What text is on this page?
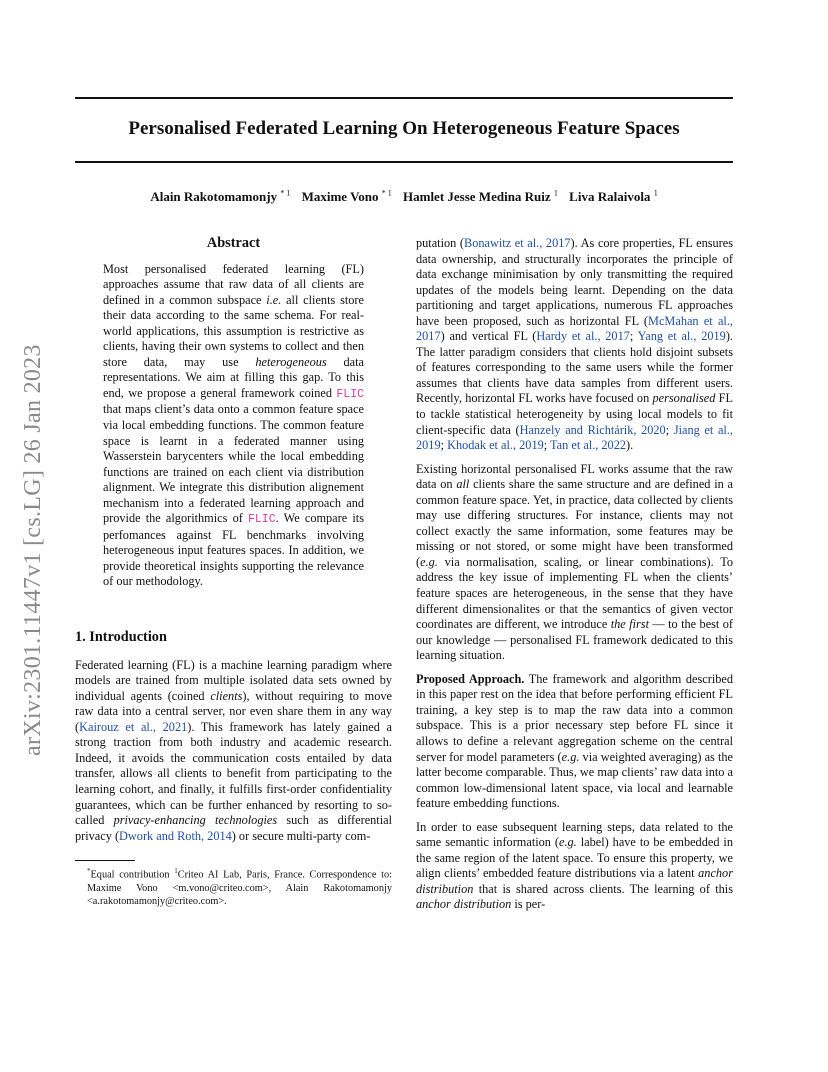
Personalised Federated Learning On Heterogeneous Feature Spaces
Alain Rakotomamonjy $^{* 1}$ Maxime Vono $^{* 1}$ Hamlet Jesse Medina Ruiz $^1$ Liva Ralaivola $^1$
arXiv:2301.11447v1 [cs.LG] 26 Jan 2023
Abstract
Most personalised federated learning (FL) approaches assume that raw data of all clients are defined in a common subspace i.e. all clients store their data according to the same schema. For real-world applications, this assumption is restrictive as clients, having their own systems to collect and then store data, may use heterogeneous data representations. We aim at filling this gap. To this end, we propose a general framework coined FLIC that maps client’s data onto a common feature space via local embedding functions. The common feature space is learnt in a federated manner using Wasserstein barycenters while the local embedding functions are trained on each client via distribution alignment. We integrate this distribution alignement mechanism into a federated learning approach and provide the algorithmics of FLIC. We compare its perfomances against FL benchmarks involving heterogeneous input features spaces. In addition, we provide theoretical insights supporting the relevance of our methodology.
1. Introduction

Federated learning (FL) is a machine learning paradigm where models are trained from multiple isolated data sets owned by individual agents (coined clients), without requiring to move raw data into a central server, nor even share them in any way (Kairouz et al., 2021). This framework has lately gained a strong traction from both industry and academic research. Indeed, it avoids the communication costs entailed by data transfer, allows all clients to benefit from participating to the learning cohort, and finally, it fulfills first-order confidentiality guarantees, which can be further enhanced by resorting to so-called privacy-enhancing technologies such as differential privacy (Dwork and Roth, 2014) or secure multi-party com-

*Equal contribution $^1$Criteo AI Lab, Paris, France. Correspondence to: Maxime Vono <m.vono@criteo.com>, Alain Rakotomamonjy <a.rakotomamonjy@criteo.com>.

putation (Bonawitz et al., 2017). As core properties, FL ensures data ownership, and structurally incorporates the principle of data exchange minimisation by only transmitting the required updates of the models being learnt. Depending on the data partitioning and target applications, numerous FL approaches have been proposed, such as horizontal FL (McMahan et al., 2017) and vertical FL (Hardy et al., 2017; Yang et al., 2019). The latter paradigm considers that clients hold disjoint subsets of features corresponding to the same users while the former assumes that clients have data samples from different users. Recently, horizontal FL works have focused on personalised FL to tackle statistical heterogeneity by using local models to fit client-specific data (Hanzely and Richtárik, 2020; Jiang et al., 2019; Khodak et al., 2019; Tan et al., 2022).

Existing horizontal personalised FL works assume that the raw data on all clients share the same structure and are defined in a common feature space. Yet, in practice, data collected by clients may use differing structures. For instance, clients may not collect exactly the same information, some features may be missing or not stored, or some might have been transformed (e.g. via normalisation, scaling, or linear combinations). To address the key issue of implementing FL when the clients’ feature spaces are heterogeneous, in the sense that they have different dimensionalites or that the semantics of given vector coordinates are different, we introduce the first — to the best of our knowledge — personalised FL framework dedicated to this learning situation.

Proposed Approach. The framework and algorithm described in this paper rest on the idea that before performing efficient FL training, a key step is to map the raw data into a common subspace. This is a prior necessary step before FL since it allows to define a relevant aggregation scheme on the central server for model parameters (e.g. via weighted averaging) as the latter become comparable. Thus, we map clients’ raw data into a common low-dimensional latent space, via local and learnable feature embedding functions.

In order to ease subsequent learning steps, data related to the same semantic information (e.g. label) have to be embedded in the same region of the latent space. To ensure this property, we align clients’ embedded feature distributions via a latent anchor distribution that is shared across clients. The learning of this anchor distribution is per-
